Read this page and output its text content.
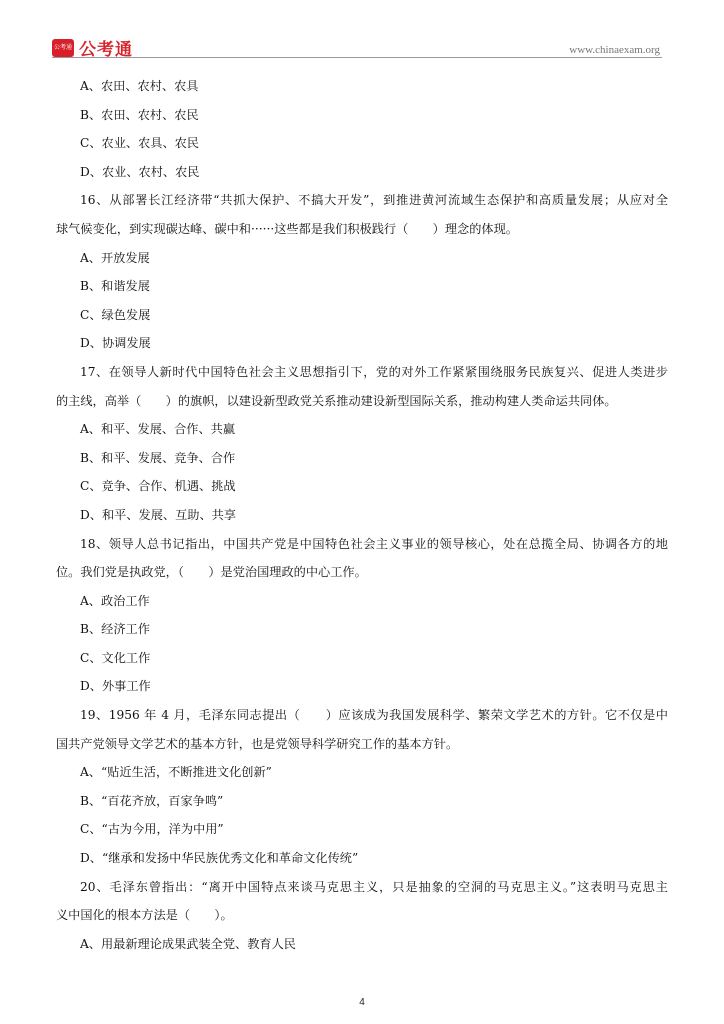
公考通 公考通	www.chinaexam.org
A、农田、农村、农具
B、农田、农村、农民
C、农业、农具、农民
D、农业、农村、农民
16、从部署长江经济带“共抓大保护、不搞大开发”，到推进黄河流域生态保护和高质量发展；从应对全
球气候变化，到实现碳达峰、碳中和······这些都是我们积极践行（　　）理念的体现。
A、开放发展
B、和谐发展
C、绿色发展
D、协调发展
17、在领导人新时代中国特色社会主义思想指引下，党的对外工作紧紧围绕服务民族复兴、促进人类进步
的主线，高举（　　）的旗帜，以建设新型政党关系推动建设新型国际关系，推动构建人类命运共同体。
A、和平、发展、合作、共赢
B、和平、发展、竞争、合作
C、竞争、合作、机遇、挑战
D、和平、发展、互助、共享
18、领导人总书记指出，中国共产党是中国特色社会主义事业的领导核心，处在总揽全局、协调各方的地
位。我们党是执政党，（　　）是党治国理政的中心工作。
A、政治工作
B、经济工作
C、文化工作
D、外事工作
19、1956 年 4 月，毛泽东同志提出（　　）应该成为我国发展科学、繁荣文学艺术的方针。它不仅是中
国共产党领导文学艺术的基本方针，也是党领导科学研究工作的基本方针。
A、“贴近生活，不断推进文化创新”
B、“百花齐放，百家争鸣”
C、“古为今用，洋为中用”
D、“继承和发扬中华民族优秀文化和革命文化传统”
20、毛泽东曾指出：“离开中国特点来谈马克思主义，只是抽象的空洞的马克思主义。”这表明马克思主
义中国化的根本方法是（　　）。
A、用最新理论成果武装全党、教育人民
4
